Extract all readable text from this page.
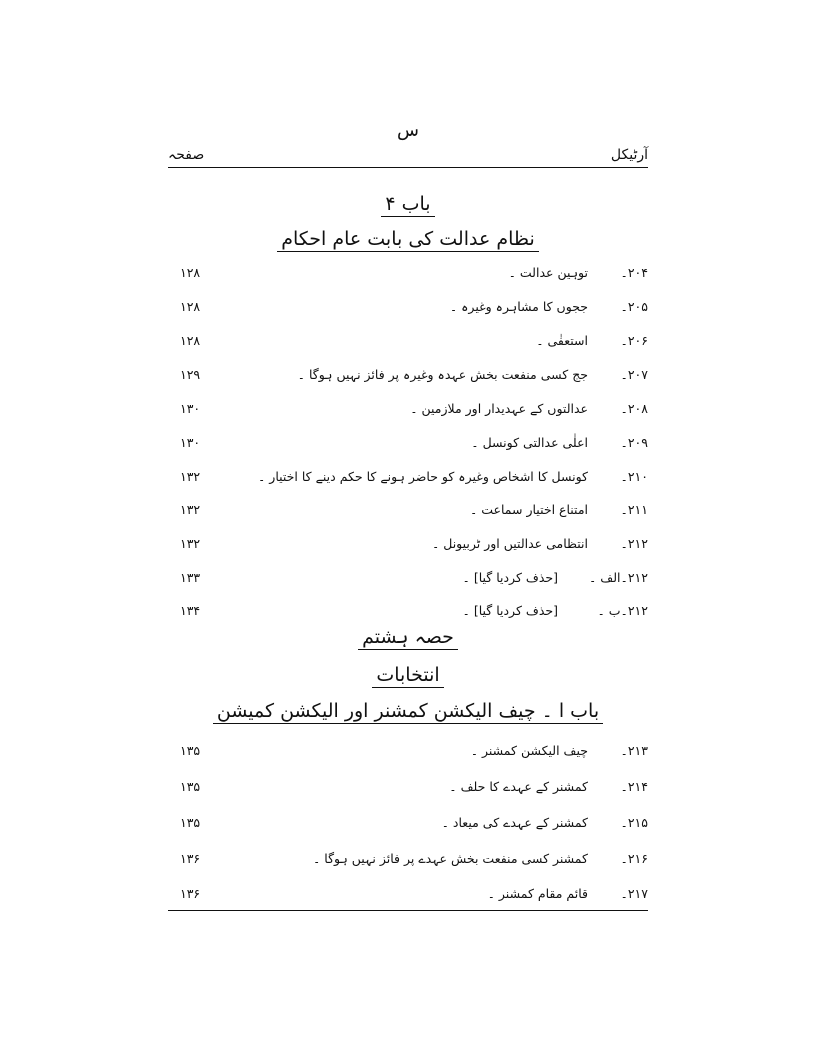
س
آرٹیکل
صفحہ
باب ۴
نظام عدالت کی بابت عام احکام
۲۰۴۔
توہین عدالت ۔
۱۲۸
۲۰۵۔
ججوں کا مشاہرہ وغیرہ ۔
۱۲۸
۲۰۶۔
استعفٰی ۔
۱۲۸
۲۰۷۔
جج کسی منفعت بخش عہدہ وغیرہ پر فائز نہیں ہوگا ۔
۱۲۹
۲۰۸۔
عدالتوں کے عہدیدار اور ملازمین ۔
۱۳۰
۲۰۹۔
اعلٰی عدالتی کونسل ۔
۱۳۰
۲۱۰۔
کونسل کا اشخاص وغیرہ کو حاضر ہونے کا حکم دینے کا اختیار ۔
۱۳۲
۲۱۱۔
امتناع اختیار سماعت ۔
۱۳۲
۲۱۲۔
انتظامی عدالتیں اور ٹربیونل ۔
۱۳۲
۲۱۲۔الف ۔
[حذف کردیا گیا] ۔
۱۳۳
۲۱۲۔ب ۔
[حذف کردیا گیا] ۔
۱۳۴
حصہ ہشتم
انتخابات
باب ا ۔ چیف الیکشن کمشنر اور الیکشن کمیشن
۲۱۳۔
چیف الیکشن کمشنر ۔
۱۳۵
۲۱۴۔
کمشنر کے عہدے کا حلف ۔
۱۳۵
۲۱۵۔
کمشنر کے عہدے کی میعاد ۔
۱۳۵
۲۱۶۔
کمشنر کسی منفعت بخش عہدے پر فائز نہیں ہوگا ۔
۱۳۶
۲۱۷۔
قائم مقام کمشنر ۔
۱۳۶
